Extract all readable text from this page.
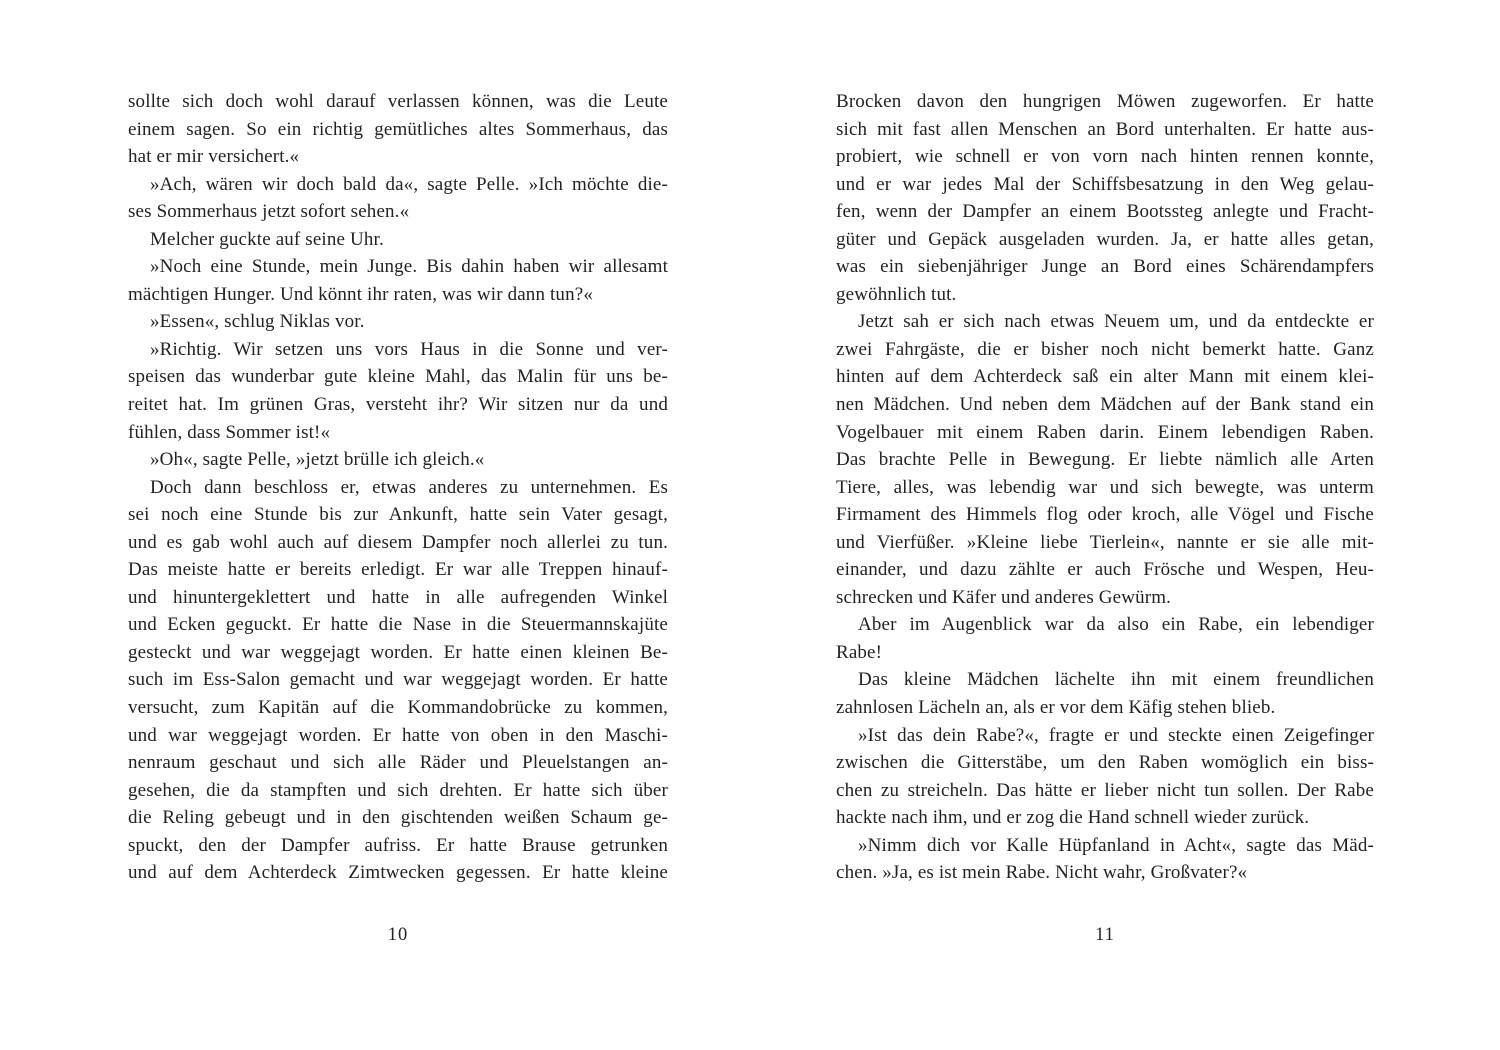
sollte sich doch wohl darauf verlassen können, was die Leute
einem sagen. So ein richtig gemütliches altes Sommerhaus, das
hat er mir versichert.«
»Ach, wären wir doch bald da«, sagte Pelle. »Ich möchte die-
ses Sommerhaus jetzt sofort sehen.«
Melcher guckte auf seine Uhr.
»Noch eine Stunde, mein Junge. Bis dahin haben wir allesamt
mächtigen Hunger. Und könnt ihr raten, was wir dann tun?«
»Essen«, schlug Niklas vor.
»Richtig. Wir setzen uns vors Haus in die Sonne und ver-
speisen das wunderbar gute kleine Mahl, das Malin für uns be-
reitet hat. Im grünen Gras, versteht ihr? Wir sitzen nur da und
fühlen, dass Sommer ist!«
»Oh«, sagte Pelle, »jetzt brülle ich gleich.«
Doch dann beschloss er, etwas anderes zu unternehmen. Es
sei noch eine Stunde bis zur Ankunft, hatte sein Vater gesagt,
und es gab wohl auch auf diesem Dampfer noch allerlei zu tun.
Das meiste hatte er bereits erledigt. Er war alle Treppen hinauf-
und hinuntergeklettert und hatte in alle aufregenden Winkel
und Ecken geguckt. Er hatte die Nase in die Steuermannskajüte
gesteckt und war weggejagt worden. Er hatte einen kleinen Be-
such im Ess-Salon gemacht und war weggejagt worden. Er hatte
versucht, zum Kapitän auf die Kommandobrücke zu kommen,
und war weggejagt worden. Er hatte von oben in den Maschi-
nenraum geschaut und sich alle Räder und Pleuelstangen an-
gesehen, die da stampften und sich drehten. Er hatte sich über
die Reling gebeugt und in den gischtenden weißen Schaum ge-
spuckt, den der Dampfer aufriss. Er hatte Brause getrunken
und auf dem Achterdeck Zimtwecken gegessen. Er hatte kleine
10
Brocken davon den hungrigen Möwen zugeworfen. Er hatte
sich mit fast allen Menschen an Bord unterhalten. Er hatte aus-
probiert, wie schnell er von vorn nach hinten rennen konnte,
und er war jedes Mal der Schiffsbesatzung in den Weg gelau-
fen, wenn der Dampfer an einem Bootssteg anlegte und Fracht-
güter und Gepäck ausgeladen wurden. Ja, er hatte alles getan,
was ein siebenjähriger Junge an Bord eines Schärendampfers
gewöhnlich tut.
Jetzt sah er sich nach etwas Neuem um, und da entdeckte er
zwei Fahrgäste, die er bisher noch nicht bemerkt hatte. Ganz
hinten auf dem Achterdeck saß ein alter Mann mit einem klei-
nen Mädchen. Und neben dem Mädchen auf der Bank stand ein
Vogelbauer mit einem Raben darin. Einem lebendigen Raben.
Das brachte Pelle in Bewegung. Er liebte nämlich alle Arten
Tiere, alles, was lebendig war und sich bewegte, was unterm
Firmament des Himmels flog oder kroch, alle Vögel und Fische
und Vierfüßer. »Kleine liebe Tierlein«, nannte er sie alle mit-
einander, und dazu zählte er auch Frösche und Wespen, Heu-
schrecken und Käfer und anderes Gewürm.
Aber im Augenblick war da also ein Rabe, ein lebendiger
Rabe!
Das kleine Mädchen lächelte ihn mit einem freundlichen
zahnlosen Lächeln an, als er vor dem Käfig stehen blieb.
»Ist das dein Rabe?«, fragte er und steckte einen Zeigefinger
zwischen die Gitterstäbe, um den Raben womöglich ein biss-
chen zu streicheln. Das hätte er lieber nicht tun sollen. Der Rabe
hackte nach ihm, und er zog die Hand schnell wieder zurück.
»Nimm dich vor Kalle Hüpfanland in Acht«, sagte das Mäd-
chen. »Ja, es ist mein Rabe. Nicht wahr, Großvater?«
11
